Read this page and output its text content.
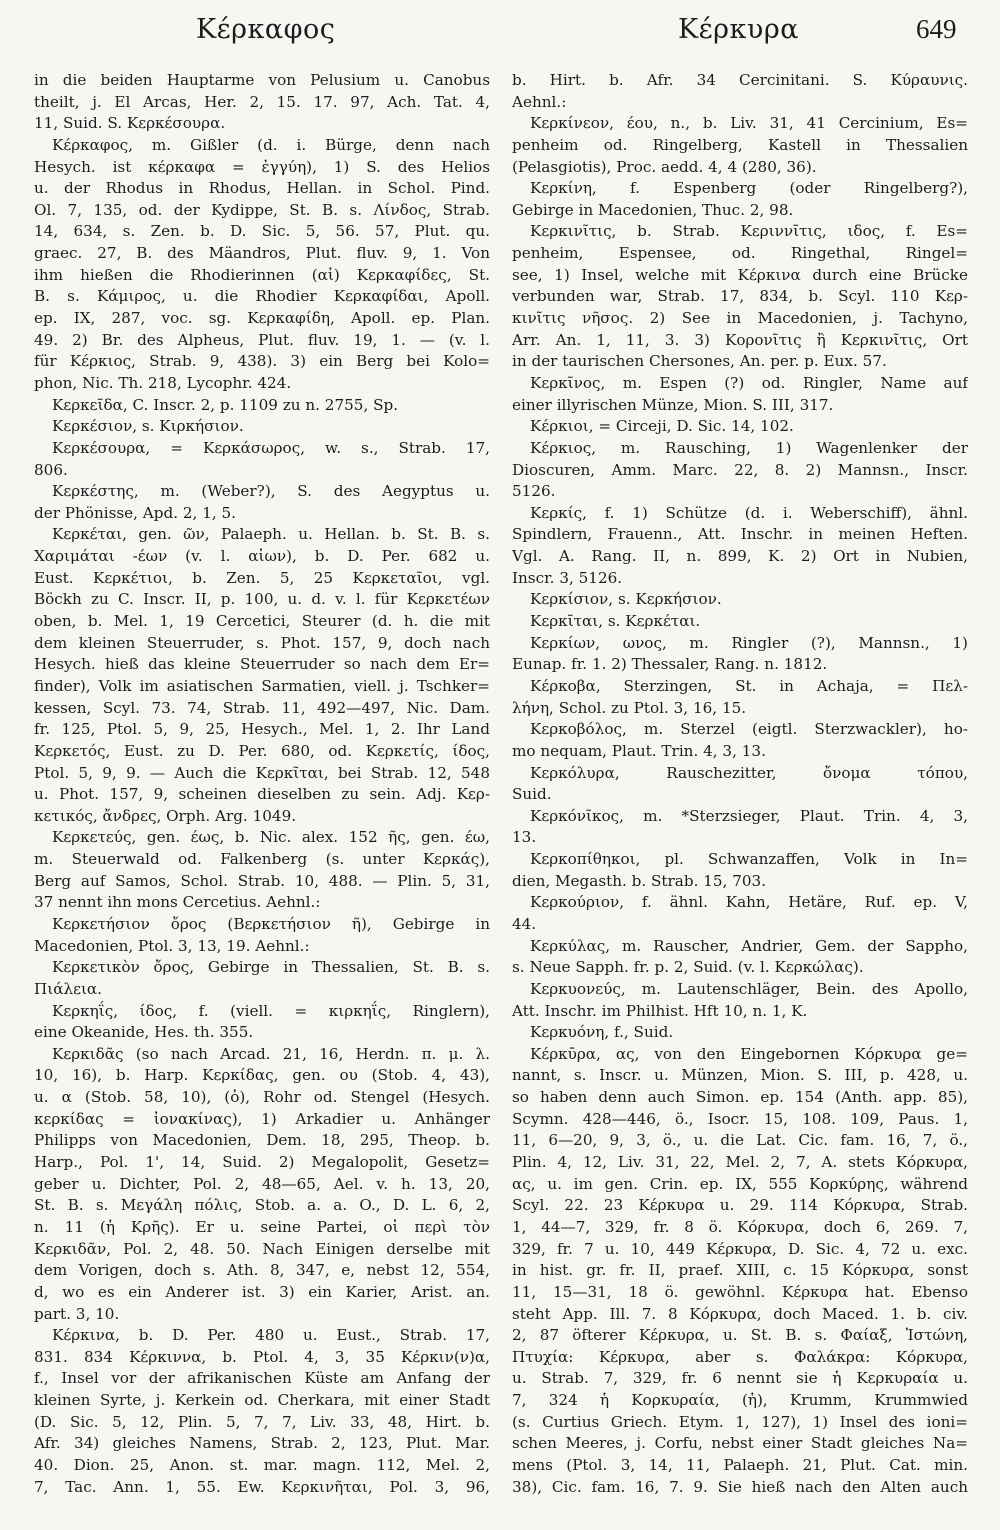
Κέρκαφος	Κέρκυρα	649
in die beiden Hauptarme von Pelusium u. Canobus
theilt, j. El Arcas, Her. 2, 15. 17. 97, Ach. Tat. 4,
11, Suid. S. Κερκέσουρα.
Κέρκαφος, m. Gißler (d. i. Bürge, denn nach
Hesych. ist κέρκαφα = ἐγγύη), 1) S. des Helios
u. der Rhodus in Rhodus, Hellan. in Schol. Pind.
Ol. 7, 135, od. der Kydippe, St. B. s. Λίνδος, Strab.
14, 634, s. Zen. b. D. Sic. 5, 56. 57, Plut. qu.
graec. 27, B. des Mäandros, Plut. fluv. 9, 1. Von
ihm hießen die Rhodierinnen (αἱ) Κερκαφίδες, St.
B. s. Κάμιρος, u. die Rhodier Κερκαφίδαι, Apoll.
ep. IX, 287, voc. sg. Κερκαφίδη, Apoll. ep. Plan.
49. 2) Br. des Alpheus, Plut. fluv. 19, 1. — (v. l.
für Κέρκιος, Strab. 9, 438). 3) ein Berg bei Kolo=
phon, Nic. Th. 218, Lycophr. 424.
Κερκεῖδα, C. Inscr. 2, p. 1109 zu n. 2755, Sp.
Κερκέσιον, s. Κιρκήσιον.
Κερκέσουρα, = Κερκάσωρος, w. s., Strab. 17,
806.
Κερκέστης, m. (Weber?), S. des Aegyptus u.
der Phönisse, Apd. 2, 1, 5.
Κερκέται, gen. ῶν, Palaeph. u. Hellan. b. St. B. s.
Χαριμάται -έων (v. l. αἰων), b. D. Per. 682 u.
Eust. Κερκέτιοι, b. Zen. 5, 25 Κερκεταῖοι, vgl.
Böckh zu C. Inscr. II, p. 100, u. d. v. l. für Κερκετέων
oben, b. Mel. 1, 19 Cercetici, Steurer (d. h. die mit
dem kleinen Steuerruder, s. Phot. 157, 9, doch nach
Hesych. hieß das kleine Steuerruder so nach dem Er=
finder), Volk im asiatischen Sarmatien, viell. j. Tschker=
kessen, Scyl. 73. 74, Strab. 11, 492—497, Nic. Dam.
fr. 125, Ptol. 5, 9, 25, Hesych., Mel. 1, 2. Ihr Land
Κερκετός, Eust. zu D. Per. 680, od. Κερκετίς, ίδος,
Ptol. 5, 9, 9. — Auch die Κερκῖται, bei Strab. 12, 548
u. Phot. 157, 9, scheinen dieselben zu sein. Adj. Κερ-
κετικός, ἄνδρες, Orph. Arg. 1049.
Κερκετεύς, gen. έως, b. Nic. alex. 152 ῆς, gen. έω,
m. Steuerwald od. Falkenberg (s. unter Κερκάς),
Berg auf Samos, Schol. Strab. 10, 488. — Plin. 5, 31,
37 nennt ihn mons Cercetius. Aehnl.:
Κερκετήσιον ὄρος (Βερκετήσιον ῆ), Gebirge in
Macedonien, Ptol. 3, 13, 19. Aehnl.:
Κερκετικὸν ὄρος, Gebirge in Thessalien, St. B. s.
Πιάλεια.
Κερκηΐς, ίδος, f. (viell. = κιρκηΐς, Ringlern),
eine Okeanide, Hes. th. 355.
Κερκιδᾶς (so nach Arcad. 21, 16, Herdn. π. μ. λ.
10, 16), b. Harp. Κερκίδας, gen. ου (Stob. 4, 43),
u. α (Stob. 58, 10), (ὁ), Rohr od. Stengel (Hesych.
κερκίδας = ἰονακίνας), 1) Arkadier u. Anhänger
Philipps von Macedonien, Dem. 18, 295, Theop. b.
Harp., Pol. 1', 14, Suid. 2) Megalopolit, Gesetz=
geber u. Dichter, Pol. 2, 48—65, Ael. v. h. 13, 20,
St. B. s. Μεγάλη πόλις, Stob. a. a. O., D. L. 6, 2,
n. 11 (ἡ Κρῆς). Er u. seine Partei, οἱ περὶ τὸν
Κερκιδᾶν, Pol. 2, 48. 50. Nach Einigen derselbe mit
dem Vorigen, doch s. Ath. 8, 347, e, nebst 12, 554,
d, wo es ein Anderer ist. 3) ein Karier, Arist. an.
part. 3, 10.
Κέρκινα, b. D. Per. 480 u. Eust., Strab. 17,
831. 834 Κέρκιννα, b. Ptol. 4, 3, 35 Κέρκιν(ν)α,
f., Insel vor der afrikanischen Küste am Anfang der
kleinen Syrte, j. Kerkein od. Cherkara, mit einer Stadt
(D. Sic. 5, 12, Plin. 5, 7, 7, Liv. 33, 48, Hirt. b.
Afr. 34) gleiches Namens, Strab. 2, 123, Plut. Mar.
40. Dion. 25, Anon. st. mar. magn. 112, Mel. 2,
7, Tac. Ann. 1, 55. Ew. Κερκινῆται, Pol. 3, 96,
b. Hirt. b. Afr. 34 Cercinitani. S. Κύραυνις.
Aehnl.:
Κερκίνεον, έου, n., b. Liv. 31, 41 Cercinium, Es=
penheim od. Ringelberg, Kastell in Thessalien
(Pelasgiotis), Proc. aedd. 4, 4 (280, 36).
Κερκίνη, f. Espenberg (oder Ringelberg?),
Gebirge in Macedonien, Thuc. 2, 98.
Κερκινῖτις, b. Strab. Κεριννῖτις, ιδος, f. Es=
penheim, Espensee, od. Ringethal, Ringel=
see, 1) Insel, welche mit Κέρκινα durch eine Brücke
verbunden war, Strab. 17, 834, b. Scyl. 110 Κερ-
κινῖτις νῆσος. 2) See in Macedonien, j. Tachyno,
Arr. An. 1, 11, 3. 3) Κορονῖτις ἢ Κερκινῖτις, Ort
in der taurischen Chersones, An. per. p. Eux. 57.
Κερκῖνος, m. Espen (?) od. Ringler, Name auf
einer illyrischen Münze, Mion. S. III, 317.
Κέρκιοι, = Circeji, D. Sic. 14, 102.
Κέρκιος, m. Rausching, 1) Wagenlenker der
Dioscuren, Amm. Marc. 22, 8. 2) Mannsn., Inscr.
5126.
Κερκίς, f. 1) Schütze (d. i. Weberschiff), ähnl.
Spindlern, Frauenn., Att. Inschr. in meinen Heften.
Vgl. A. Rang. II, n. 899, K. 2) Ort in Nubien,
Inscr. 3, 5126.
Κερκίσιον, s. Κερκήσιον.
Κερκῖται, s. Κερκέται.
Κερκίων, ωνος, m. Ringler (?), Mannsn., 1)
Eunap. fr. 1. 2) Thessaler, Rang. n. 1812.
Κέρκοβα, Sterzingen, St. in Achaja, = Πελ-
λήνη, Schol. zu Ptol. 3, 16, 15.
Κερκοβόλος, m. Sterzel (eigtl. Sterzwackler), ho-
mo nequam, Plaut. Trin. 4, 3, 13.
Κερκόλυρα, Rauschezitter, ὄνομα τόπου,
Suid.
Κερκόνῖκος, m. *Sterzsieger, Plaut. Trin. 4, 3,
13.
Κερκοπίθηκοι, pl. Schwanzaffen, Volk in In=
dien, Megasth. b. Strab. 15, 703.
Κερκούριον, f. ähnl. Kahn, Hetäre, Ruf. ep. V,
44.
Κερκύλας, m. Rauscher, Andrier, Gem. der Sappho,
s. Neue Sapph. fr. p. 2, Suid. (v. l. Κερκώλας).
Κερκυονεύς, m. Lautenschläger, Bein. des Apollo,
Att. Inschr. im Philhist. Hft 10, n. 1, K.
Κερκυόνη, f., Suid.
Κέρκῡρα, ας, von den Eingebornen Κόρκυρα ge=
nannt, s. Inscr. u. Münzen, Mion. S. III, p. 428, u.
so haben denn auch Simon. ep. 154 (Anth. app. 85),
Scymn. 428—446, ö., Isocr. 15, 108. 109, Paus. 1,
11, 6—20, 9, 3, ö., u. die Lat. Cic. fam. 16, 7, ö.,
Plin. 4, 12, Liv. 31, 22, Mel. 2, 7, A. stets Κόρκυρα,
ας, u. im gen. Crin. ep. IX, 555 Κορκύρης, während
Scyl. 22. 23 Κέρκυρα u. 29. 114 Κόρκυρα, Strab.
1, 44—7, 329, fr. 8 ö. Κόρκυρα, doch 6, 269. 7,
329, fr. 7 u. 10, 449 Κέρκυρα, D. Sic. 4, 72 u. exc.
in hist. gr. fr. II, praef. XIII, c. 15 Κόρκυρα, sonst
11, 15—31, 18 ö. gewöhnl. Κέρκυρα hat. Ebenso
steht App. Ill. 7. 8 Κόρκυρα, doch Maced. 1. b. civ.
2, 87 öfterer Κέρκυρα, u. St. B. s. Φαίαξ, Ἰστώνη,
Πτυχία: Κέρκυρα, aber s. Φαλάκρα: Κόρκυρα,
u. Strab. 7, 329, fr. 6 nennt sie ἡ Κερκυραία u.
7, 324 ἡ Κορκυραία, (ἡ), Krumm, Krummwied
(s. Curtius Griech. Etym. 1, 127), 1) Insel des ioni=
schen Meeres, j. Corfu, nebst einer Stadt gleiches Na=
mens (Ptol. 3, 14, 11, Palaeph. 21, Plut. Cat. min.
38), Cic. fam. 16, 7. 9. Sie hieß nach den Alten auch
